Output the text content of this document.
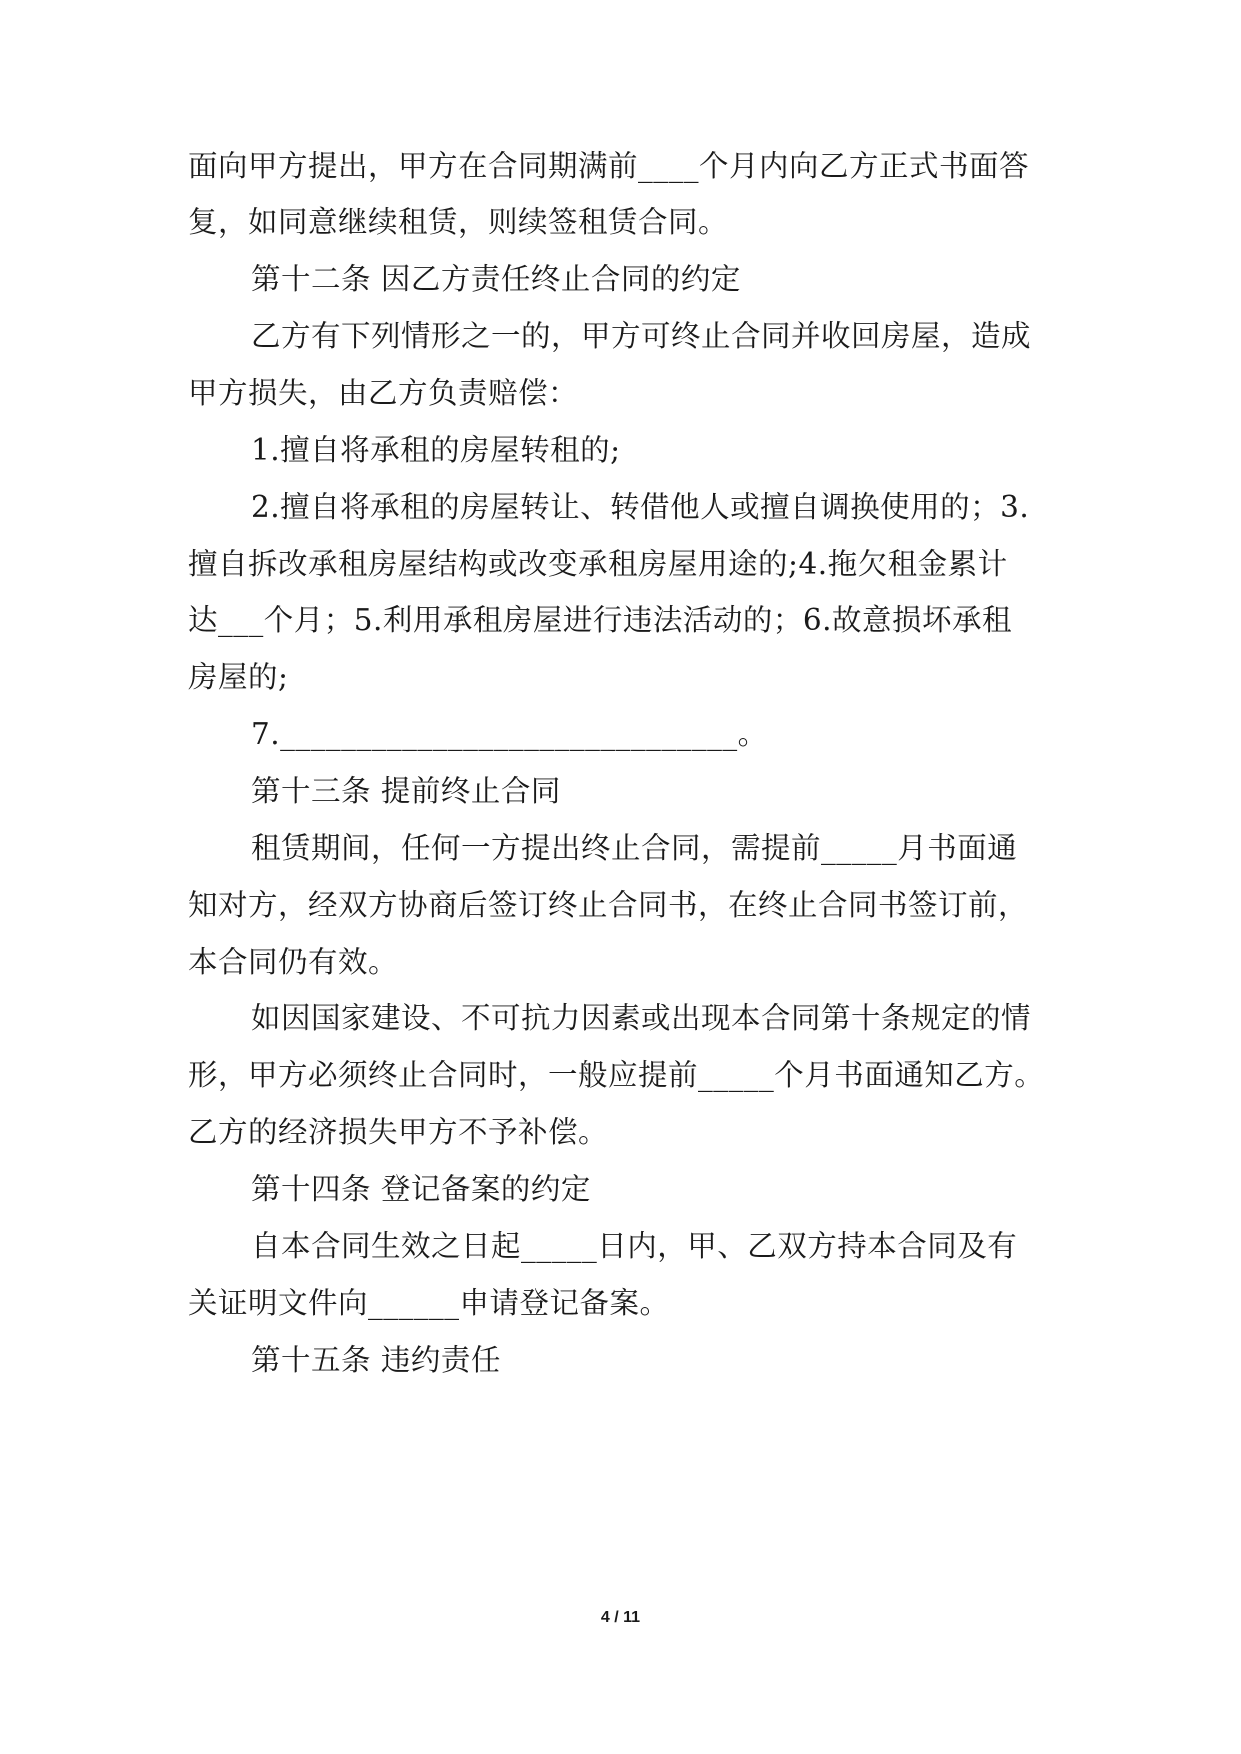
面向甲方提出，甲方在合同期满前____个月内向乙方正式书面答
复，如同意继续租赁，则续签租赁合同。
第十二条 因乙方责任终止合同的约定
乙方有下列情形之一的，甲方可终止合同并收回房屋，造成
甲方损失，由乙方负责赔偿：
1.擅自将承租的房屋转租的;
2.擅自将承租的房屋转让、转借他人或擅自调换使用的；3.
擅自拆改承租房屋结构或改变承租房屋用途的;4.拖欠租金累计
达___个月；5.利用承租房屋进行违法活动的；6.故意损坏承租
房屋的;
7.______________________________。
第十三条 提前终止合同
租赁期间，任何一方提出终止合同，需提前_____月书面通
知对方，经双方协商后签订终止合同书，在终止合同书签订前，
本合同仍有效。
如因国家建设、不可抗力因素或出现本合同第十条规定的情
形，甲方必须终止合同时，一般应提前_____个月书面通知乙方。
乙方的经济损失甲方不予补偿。
第十四条 登记备案的约定
自本合同生效之日起_____日内，甲、乙双方持本合同及有
关证明文件向______申请登记备案。
第十五条 违约责任
4 / 11
